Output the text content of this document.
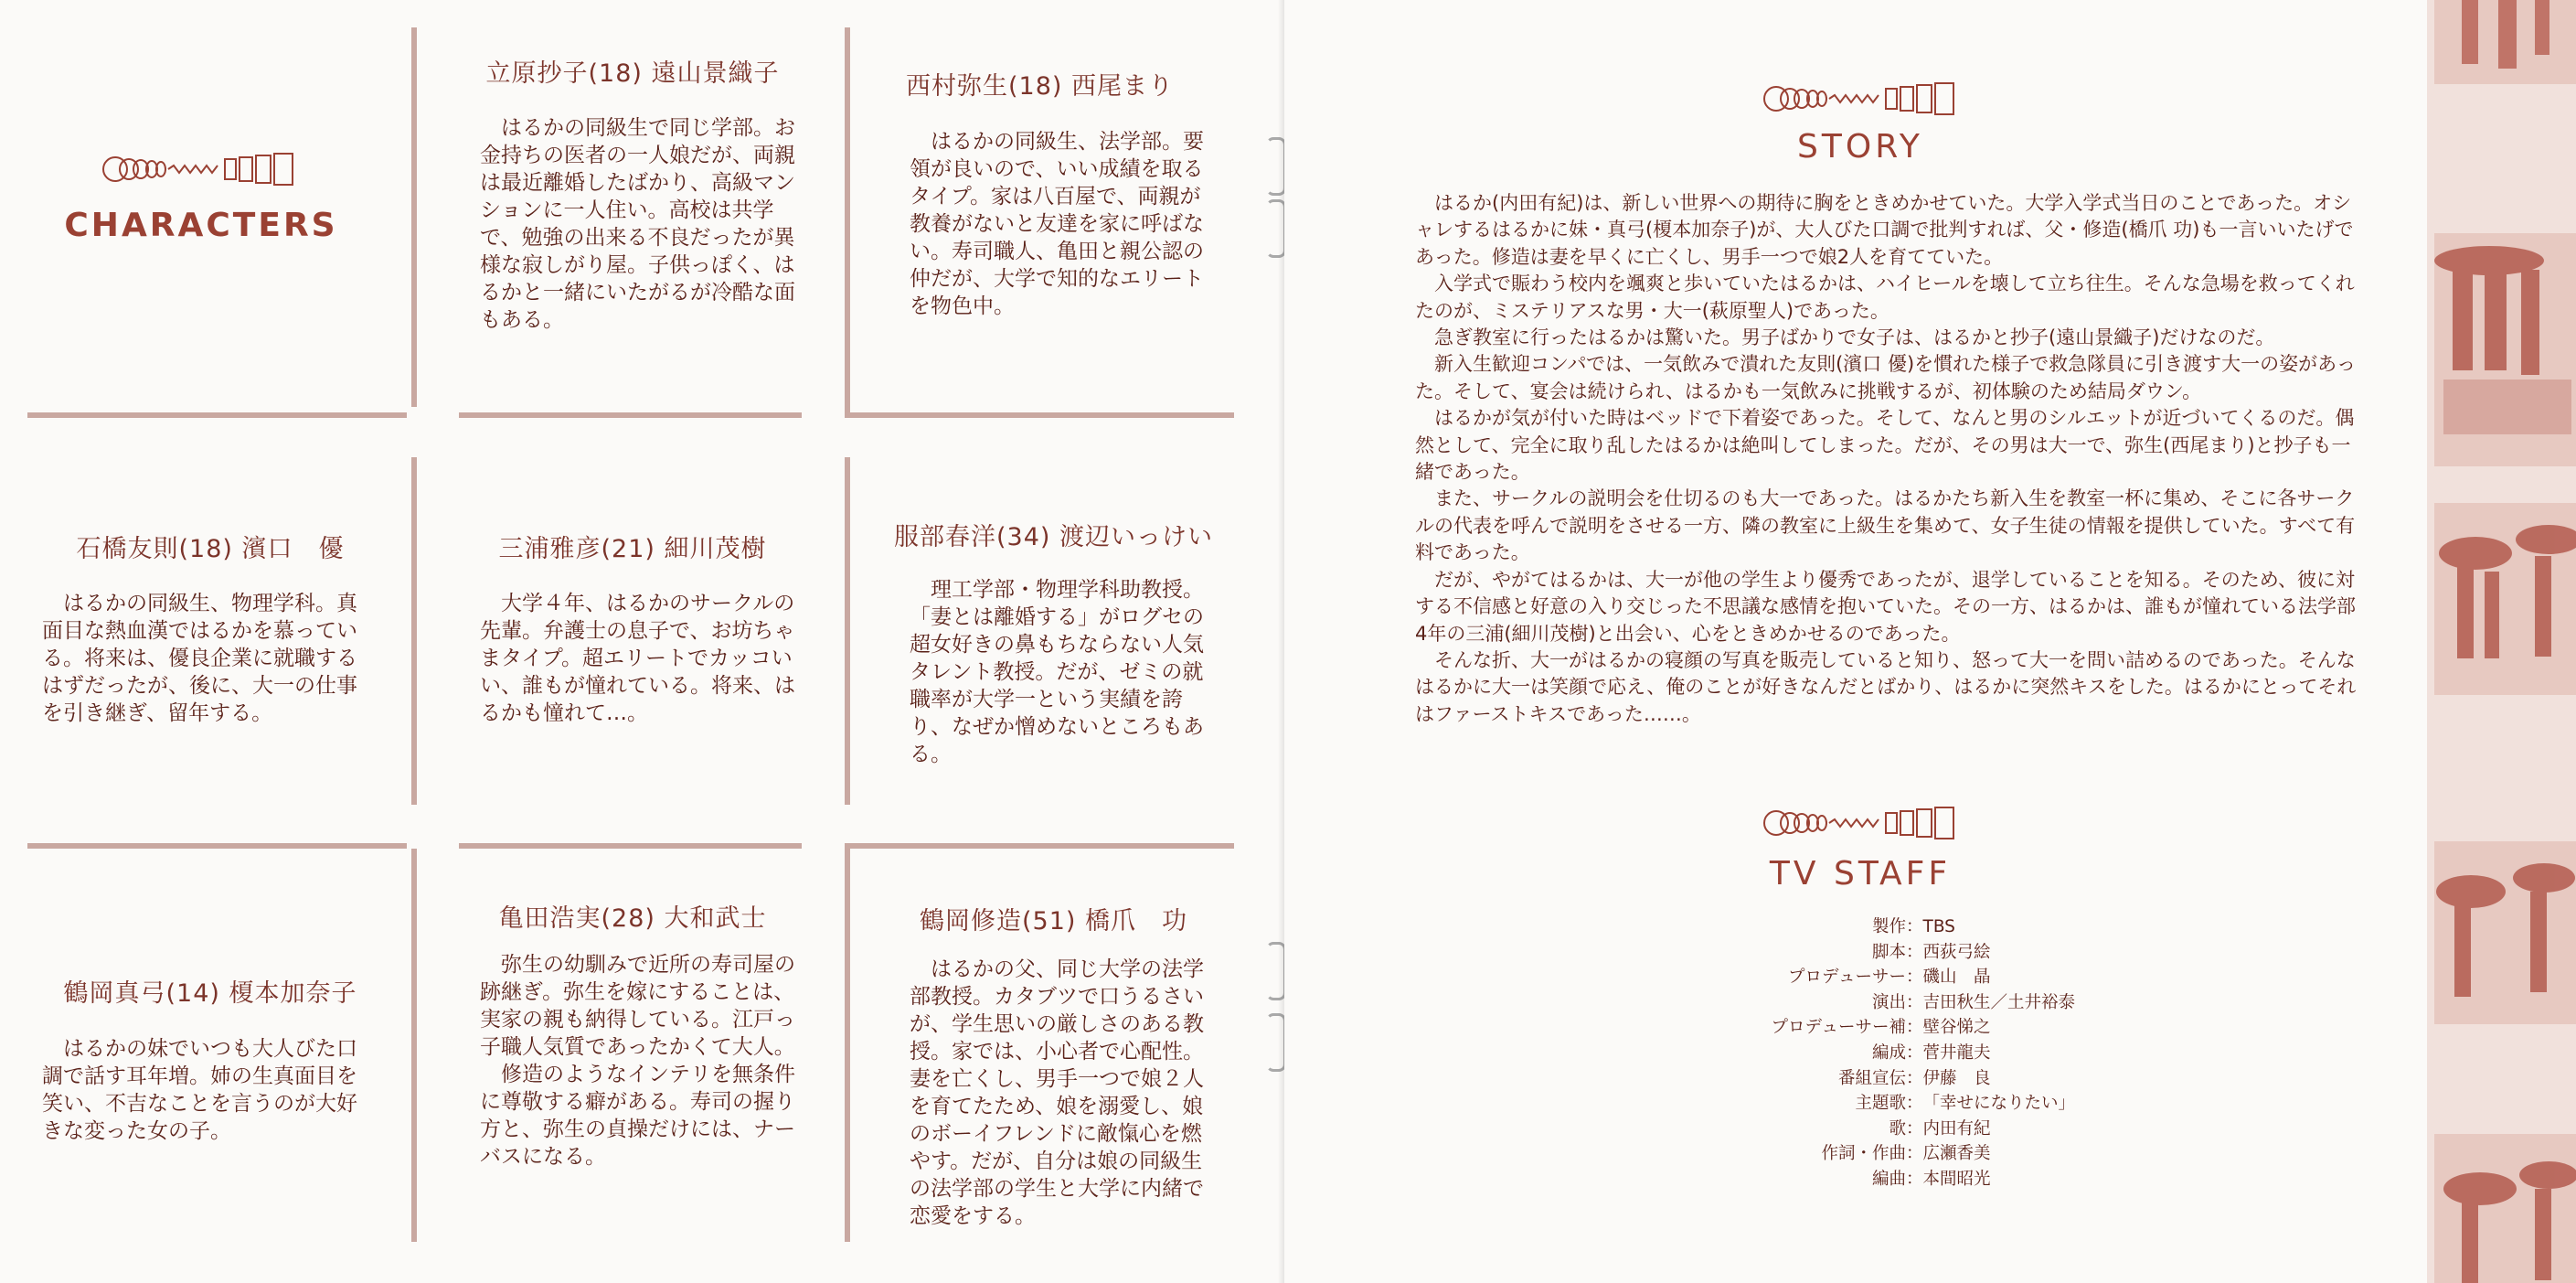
CHARACTERS
立原抄子(18) 遠山景織子

はるかの同級生で同じ学部。お金持ちの医者の一人娘だが、両親は最近離婚したばかり、高級マンションに一人住い。高校は共学で、勉強の出来る不良だったが異様な寂しがり屋。子供っぽく、はるかと一緒にいたがるが冷酷な面もある。

西村弥生(18) 西尾まり

はるかの同級生、法学部。要領が良いので、いい成績を取るタイプ。家は八百屋で、両親が教養がないと友達を家に呼ばない。寿司職人、亀田と親公認の仲だが、大学で知的なエリートを物色中。

石橋友則(18) 濱口　優

はるかの同級生、物理学科。真面目な熱血漢ではるかを慕っている。将来は、優良企業に就職するはずだったが、後に、大一の仕事を引き継ぎ、留年する。

三浦雅彦(21) 細川茂樹

大学４年、はるかのサークルの先輩。弁護士の息子で、お坊ちゃまタイプ。超エリートでカッコいい、誰もが憧れている。将来、はるかも憧れて…。

服部春洋(34) 渡辺いっけい

理工学部・物理学科助教授。「妻とは離婚する」がログセの超女好きの鼻もちならない人気タレント教授。だが、ゼミの就職率が大学一という実績を誇り、なぜか憎めないところもある。

鶴岡真弓(14) 榎本加奈子

はるかの妹でいつも大人びた口調で話す耳年増。姉の生真面目を笑い、不吉なことを言うのが大好きな変った女の子。

亀田浩実(28) 大和武士

弥生の幼馴みで近所の寿司屋の跡継ぎ。弥生を嫁にすることは、実家の親も納得している。江戸っ子職人気質であったかくて大人。

修造のようなインテリを無条件に尊敬する癖がある。寿司の握り方と、弥生の貞操だけには、ナーバスになる。

鶴岡修造(51) 橋爪　功

はるかの父、同じ大学の法学部教授。カタブツで口うるさいが、学生思いの厳しさのある教授。家では、小心者で心配性。妻を亡くし、男手一つで娘２人を育てたため、娘を溺愛し、娘のボーイフレンドに敵愾心を燃やす。だが、自分は娘の同級生の法学部の学生と大学に内緒で恋愛をする。

STORY

はるか(内田有紀)は、新しい世界への期待に胸をときめかせていた。大学入学式当日のことであった。オシャレするはるかに妹・真弓(榎本加奈子)が、大人びた口調で批判すれば、父・修造(橋爪 功)も一言いいたげであった。修造は妻を早くに亡くし、男手一つで娘2人を育てていた。

入学式で賑わう校内を颯爽と歩いていたはるかは、ハイヒールを壊して立ち往生。そんな急場を救ってくれたのが、ミステリアスな男・大一(萩原聖人)であった。

急ぎ教室に行ったはるかは驚いた。男子ばかりで女子は、はるかと抄子(遠山景織子)だけなのだ。

新入生歓迎コンパでは、一気飲みで潰れた友則(濱口 優)を慣れた様子で救急隊員に引き渡す大一の姿があった。そして、宴会は続けられ、はるかも一気飲みに挑戦するが、初体験のため結局ダウン。

はるかが気が付いた時はベッドで下着姿であった。そして、なんと男のシルエットが近づいてくるのだ。偶然として、完全に取り乱したはるかは絶叫してしまった。だが、その男は大一で、弥生(西尾まり)と抄子も一緒であった。

また、サークルの説明会を仕切るのも大一であった。はるかたち新入生を教室一杯に集め、そこに各サークルの代表を呼んで説明をさせる一方、隣の教室に上級生を集めて、女子生徒の情報を提供していた。すべて有料であった。

だが、やがてはるかは、大一が他の学生より優秀であったが、退学していることを知る。そのため、彼に対する不信感と好意の入り交じった不思議な感情を抱いていた。その一方、はるかは、誰もが憧れている法学部4年の三浦(細川茂樹)と出会い、心をときめかせるのであった。

そんな折、大一がはるかの寝顔の写真を販売していると知り、怒って大一を問い詰めるのであった。そんなはるかに大一は笑顔で応え、俺のことが好きなんだとばかり、はるかに突然キスをした。はるかにとってそれはファーストキスであった……。

TV STAFF
製作 ： TBS
脚本 ： 西荻弓絵
プロデューサー ： 磯山　晶
演出 ： 吉田秋生／土井裕泰
プロデューサー補 ： 壁谷悌之
編成 ： 菅井龍夫
番組宣伝 ： 伊藤　良
主題歌 ： 「幸せになりたい」
歌 ： 内田有紀
作詞・作曲 ： 広瀬香美
編曲 ： 本間昭光
